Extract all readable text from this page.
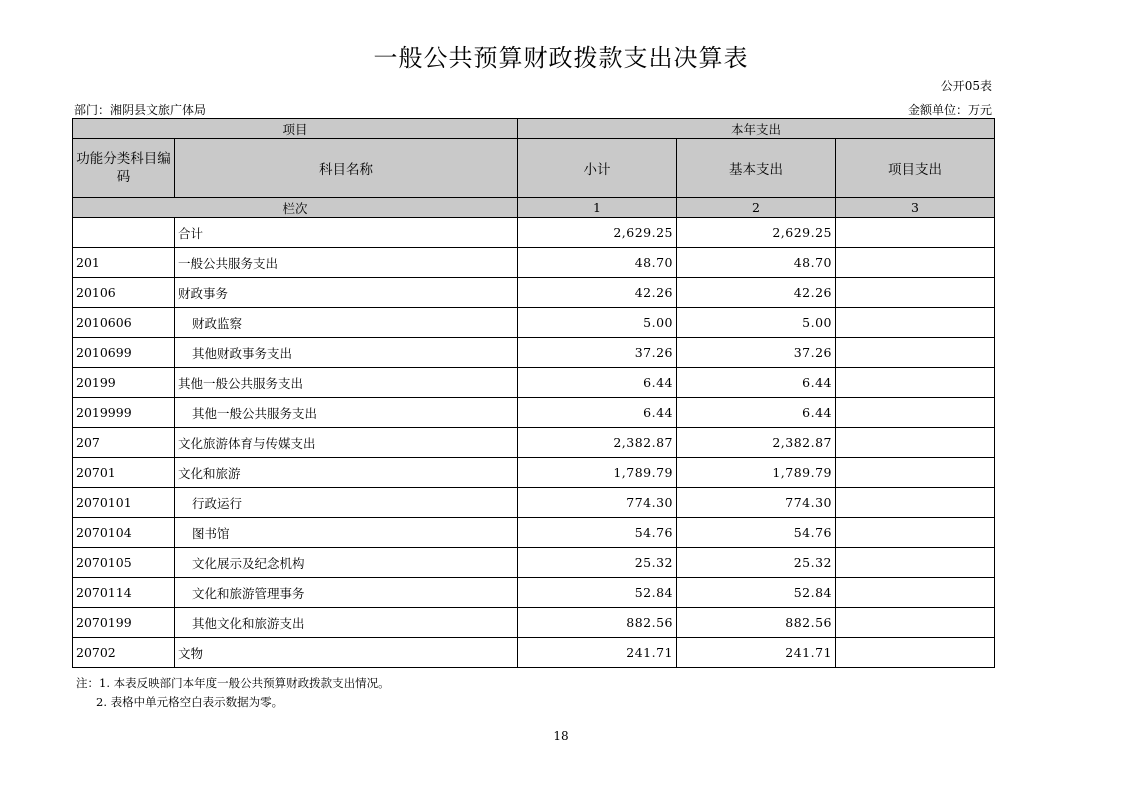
一般公共预算财政拨款支出决算表
公开05表
部门：湘阴县文旅广体局	金额单位：万元
项目		本年支出		
功能分类科目编码	科目名称	小计	基本支出	项目支出
栏次		1	2	3
	合计	2,629.25	2,629.25	
201	一般公共服务支出	48.70	48.70	
20106	财政事务	42.26	42.26	
2010606	财政监察	5.00	5.00	
2010699	其他财政事务支出	37.26	37.26	
20199	其他一般公共服务支出	6.44	6.44	
2019999	其他一般公共服务支出	6.44	6.44	
207	文化旅游体育与传媒支出	2,382.87	2,382.87	
20701	文化和旅游	1,789.79	1,789.79	
2070101	行政运行	774.30	774.30	
2070104	图书馆	54.76	54.76	
2070105	文化展示及纪念机构	25.32	25.32	
2070114	文化和旅游管理事务	52.84	52.84	
2070199	其他文化和旅游支出	882.56	882.56	
20702	文物	241.71	241.71	
注：1. 本表反映部门本年度一般公共预算财政拨款支出情况。
2. 表格中单元格空白表示数据为零。
18
